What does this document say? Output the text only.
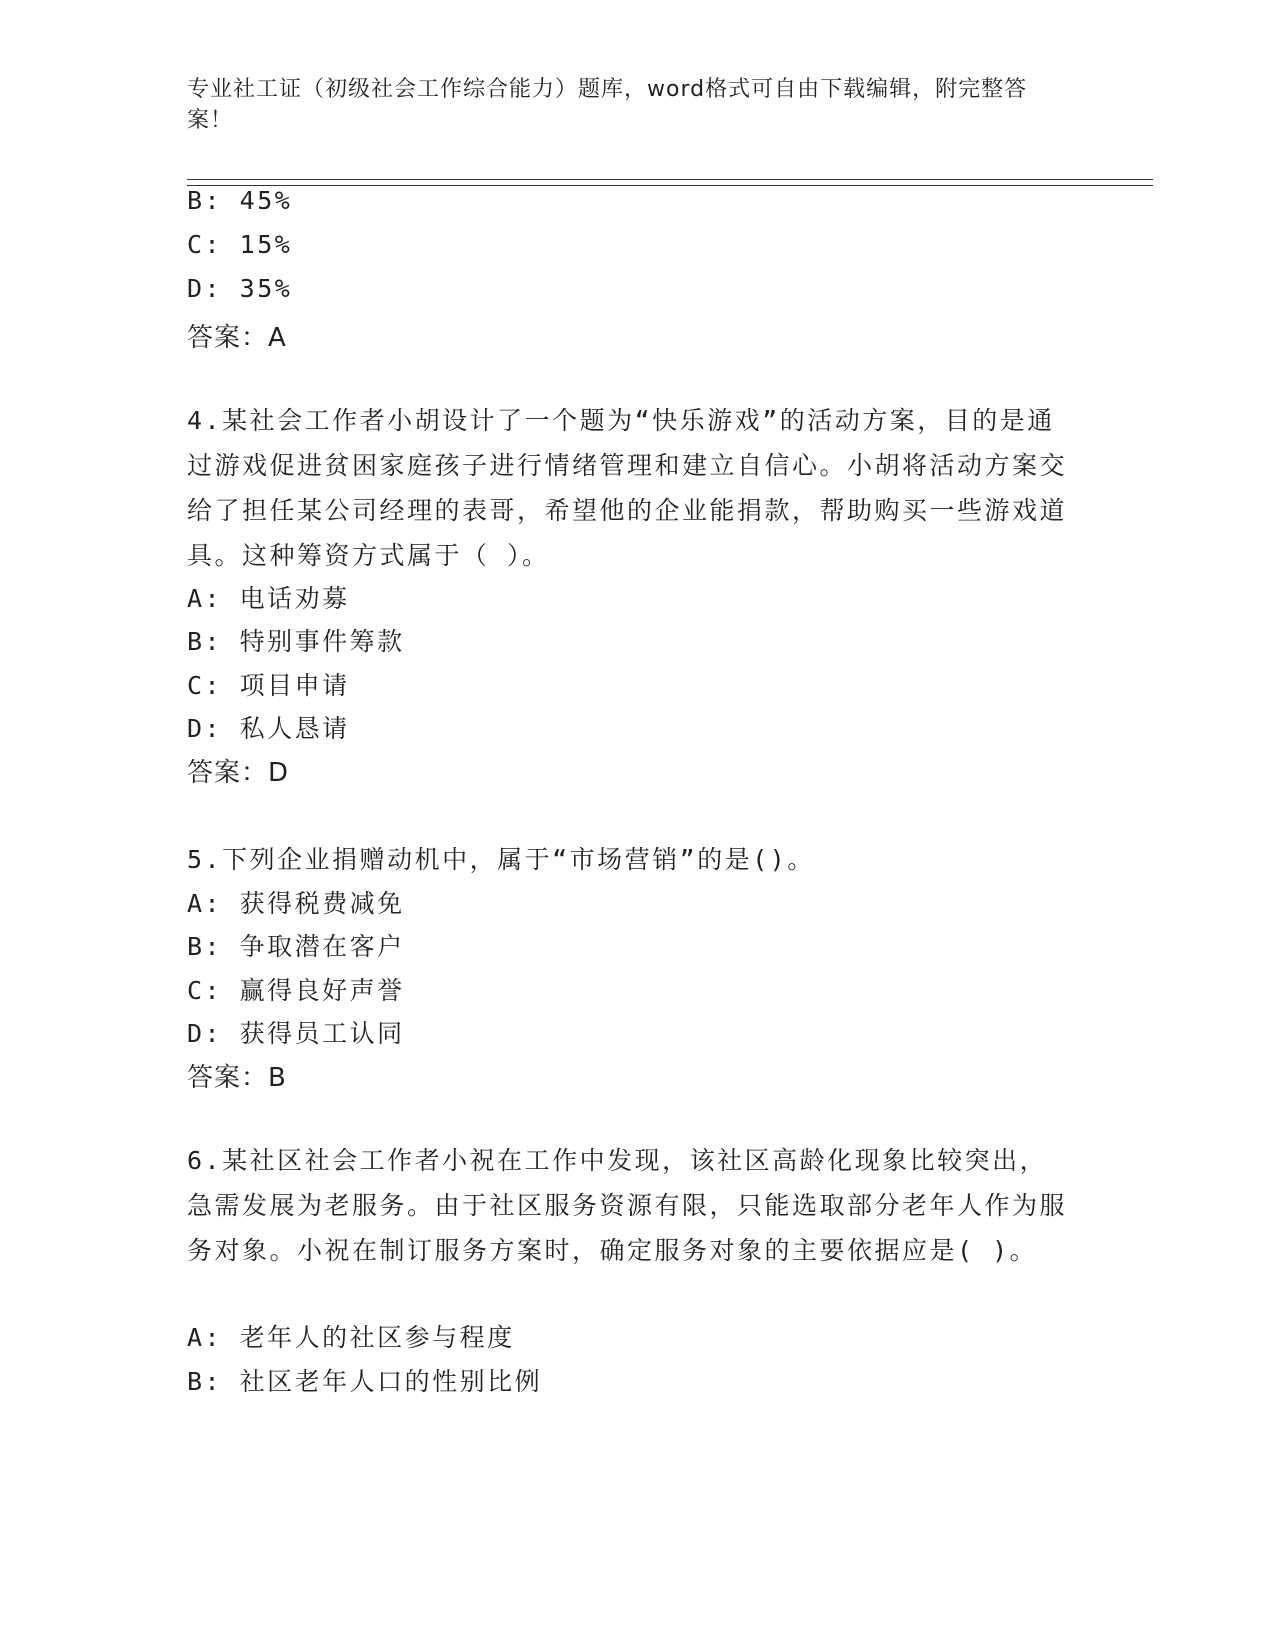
专业社工证（初级社会工作综合能力）题库，word格式可自由下载编辑，附完整答案！

B: 45%
C: 15%
D: 35%
答案：A
4.某社会工作者小胡设计了一个题为“快乐游戏”的活动方案，目的是通过游戏促进贫困家庭孩子进行情绪管理和建立自信心。小胡将活动方案交给了担任某公司经理的表哥，希望他的企业能捐款，帮助购买一些游戏道具。这种筹资方式属于（ ）。
A: 电话劝募
B: 特别事件筹款
C: 项目申请
D: 私人恳请
答案：D
5.下列企业捐赠动机中，属于“市场营销”的是()。
A: 获得税费减免
B: 争取潜在客户
C: 赢得良好声誉
D: 获得员工认同
答案：B
6.某社区社会工作者小祝在工作中发现，该社区高龄化现象比较突出，急需发展为老服务。由于社区服务资源有限，只能选取部分老年人作为服务对象。小祝在制订服务方案时，确定服务对象的主要依据应是( )。
A: 老年人的社区参与程度
B: 社区老年人口的性别比例
